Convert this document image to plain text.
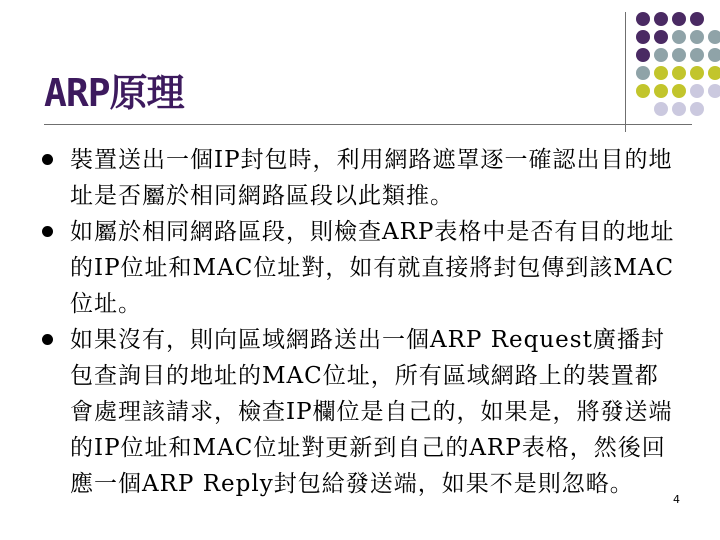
ARP原理
裝置送出一個IP封包時，利用網路遮罩逐一確認出目的地址是否屬於相同網路區段以此類推。
如屬於相同網路區段，則檢查ARP表格中是否有目的地址的IP位址和MAC位址對，如有就直接將封包傳到該MAC位址。
如果沒有，則向區域網路送出一個ARP Request廣播封包查詢目的地址的MAC位址，所有區域網路上的裝置都會處理該請求，檢查IP欄位是自己的，如果是，將發送端的IP位址和MAC位址對更新到自己的ARP表格，然後回應一個ARP Reply封包給發送端，如果不是則忽略。
4
